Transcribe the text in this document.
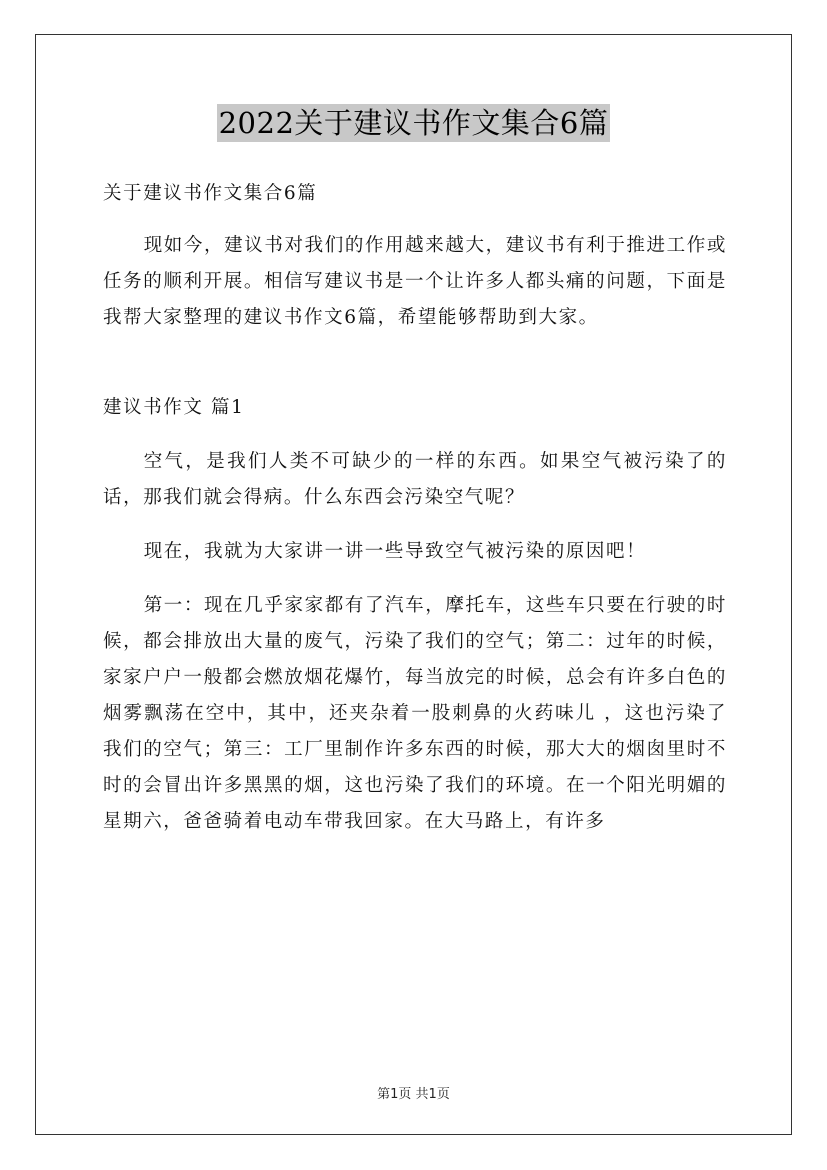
2022关于建议书作文集合6篇

关于建议书作文集合6篇

现如今，建议书对我们的作用越来越大，建议书有利于推进工作或任务的顺利开展。相信写建议书是一个让许多人都头痛的问题，下面是我帮大家整理的建议书作文6篇，希望能够帮助到大家。

建议书作文 篇1

空气，是我们人类不可缺少的一样的东西。如果空气被污染了的话，那我们就会得病。什么东西会污染空气呢？

现在，我就为大家讲一讲一些导致空气被污染的原因吧！

第一：现在几乎家家都有了汽车，摩托车，这些车只要在行驶的时候，都会排放出大量的废气，污染了我们的空气；第二：过年的时候，家家户户一般都会燃放烟花爆竹，每当放完的时候，总会有许多白色的烟雾飘荡在空中，其中，还夹杂着一股刺鼻的火药味儿 ，这也污染了我们的空气；第三：工厂里制作许多东西的时候，那大大的烟囱里时不时的会冒出许多黑黑的烟，这也污染了我们的环境。在一个阳光明媚的星期六，爸爸骑着电动车带我回家。在大马路上，有许多

第1页 共1页
